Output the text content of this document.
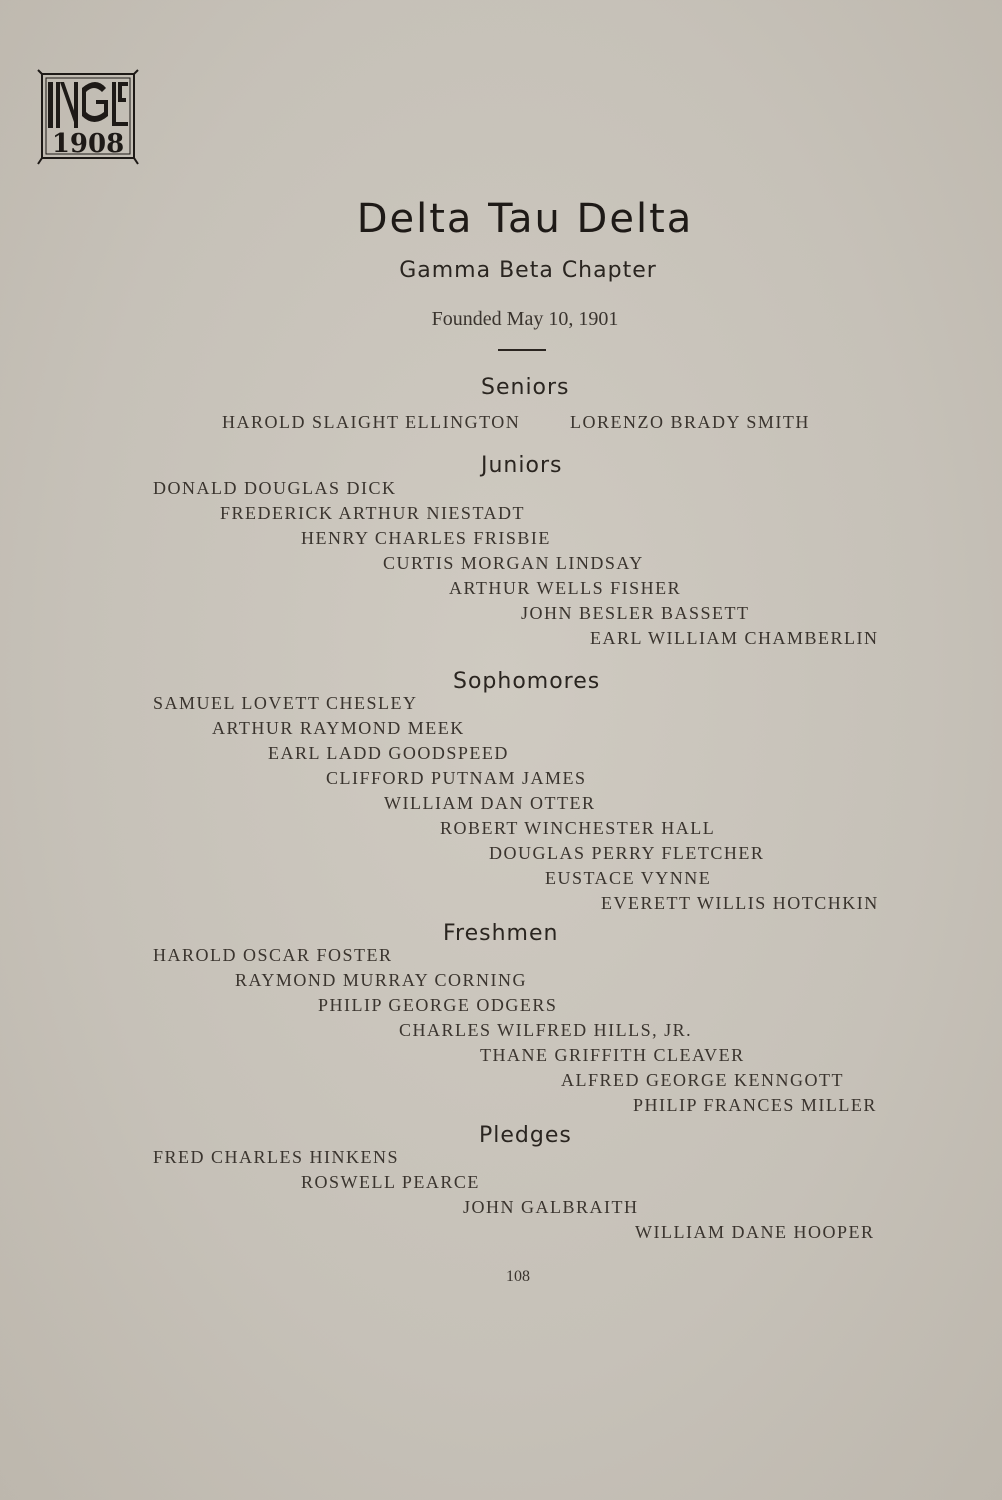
1908
Delta Tau Delta
Gamma Beta Chapter
Founded May 10, 1901
Seniors
HAROLD SLAIGHT ELLINGTON	LORENZO BRADY SMITH
Juniors
DONALD DOUGLAS DICK
FREDERICK ARTHUR NIESTADT
HENRY CHARLES FRISBIE
CURTIS MORGAN LINDSAY
ARTHUR WELLS FISHER
JOHN BESLER BASSETT
EARL WILLIAM CHAMBERLIN
Sophomores
SAMUEL LOVETT CHESLEY
ARTHUR RAYMOND MEEK
EARL LADD GOODSPEED
CLIFFORD PUTNAM JAMES
WILLIAM DAN OTTER
ROBERT WINCHESTER HALL
DOUGLAS PERRY FLETCHER
EUSTACE VYNNE
EVERETT WILLIS HOTCHKIN
Freshmen
HAROLD OSCAR FOSTER
RAYMOND MURRAY CORNING
PHILIP GEORGE ODGERS
CHARLES WILFRED HILLS, JR.
THANE GRIFFITH CLEAVER
ALFRED GEORGE KENNGOTT
PHILIP FRANCES MILLER
Pledges
FRED CHARLES HINKENS
ROSWELL PEARCE
JOHN GALBRAITH
WILLIAM DANE HOOPER
108
